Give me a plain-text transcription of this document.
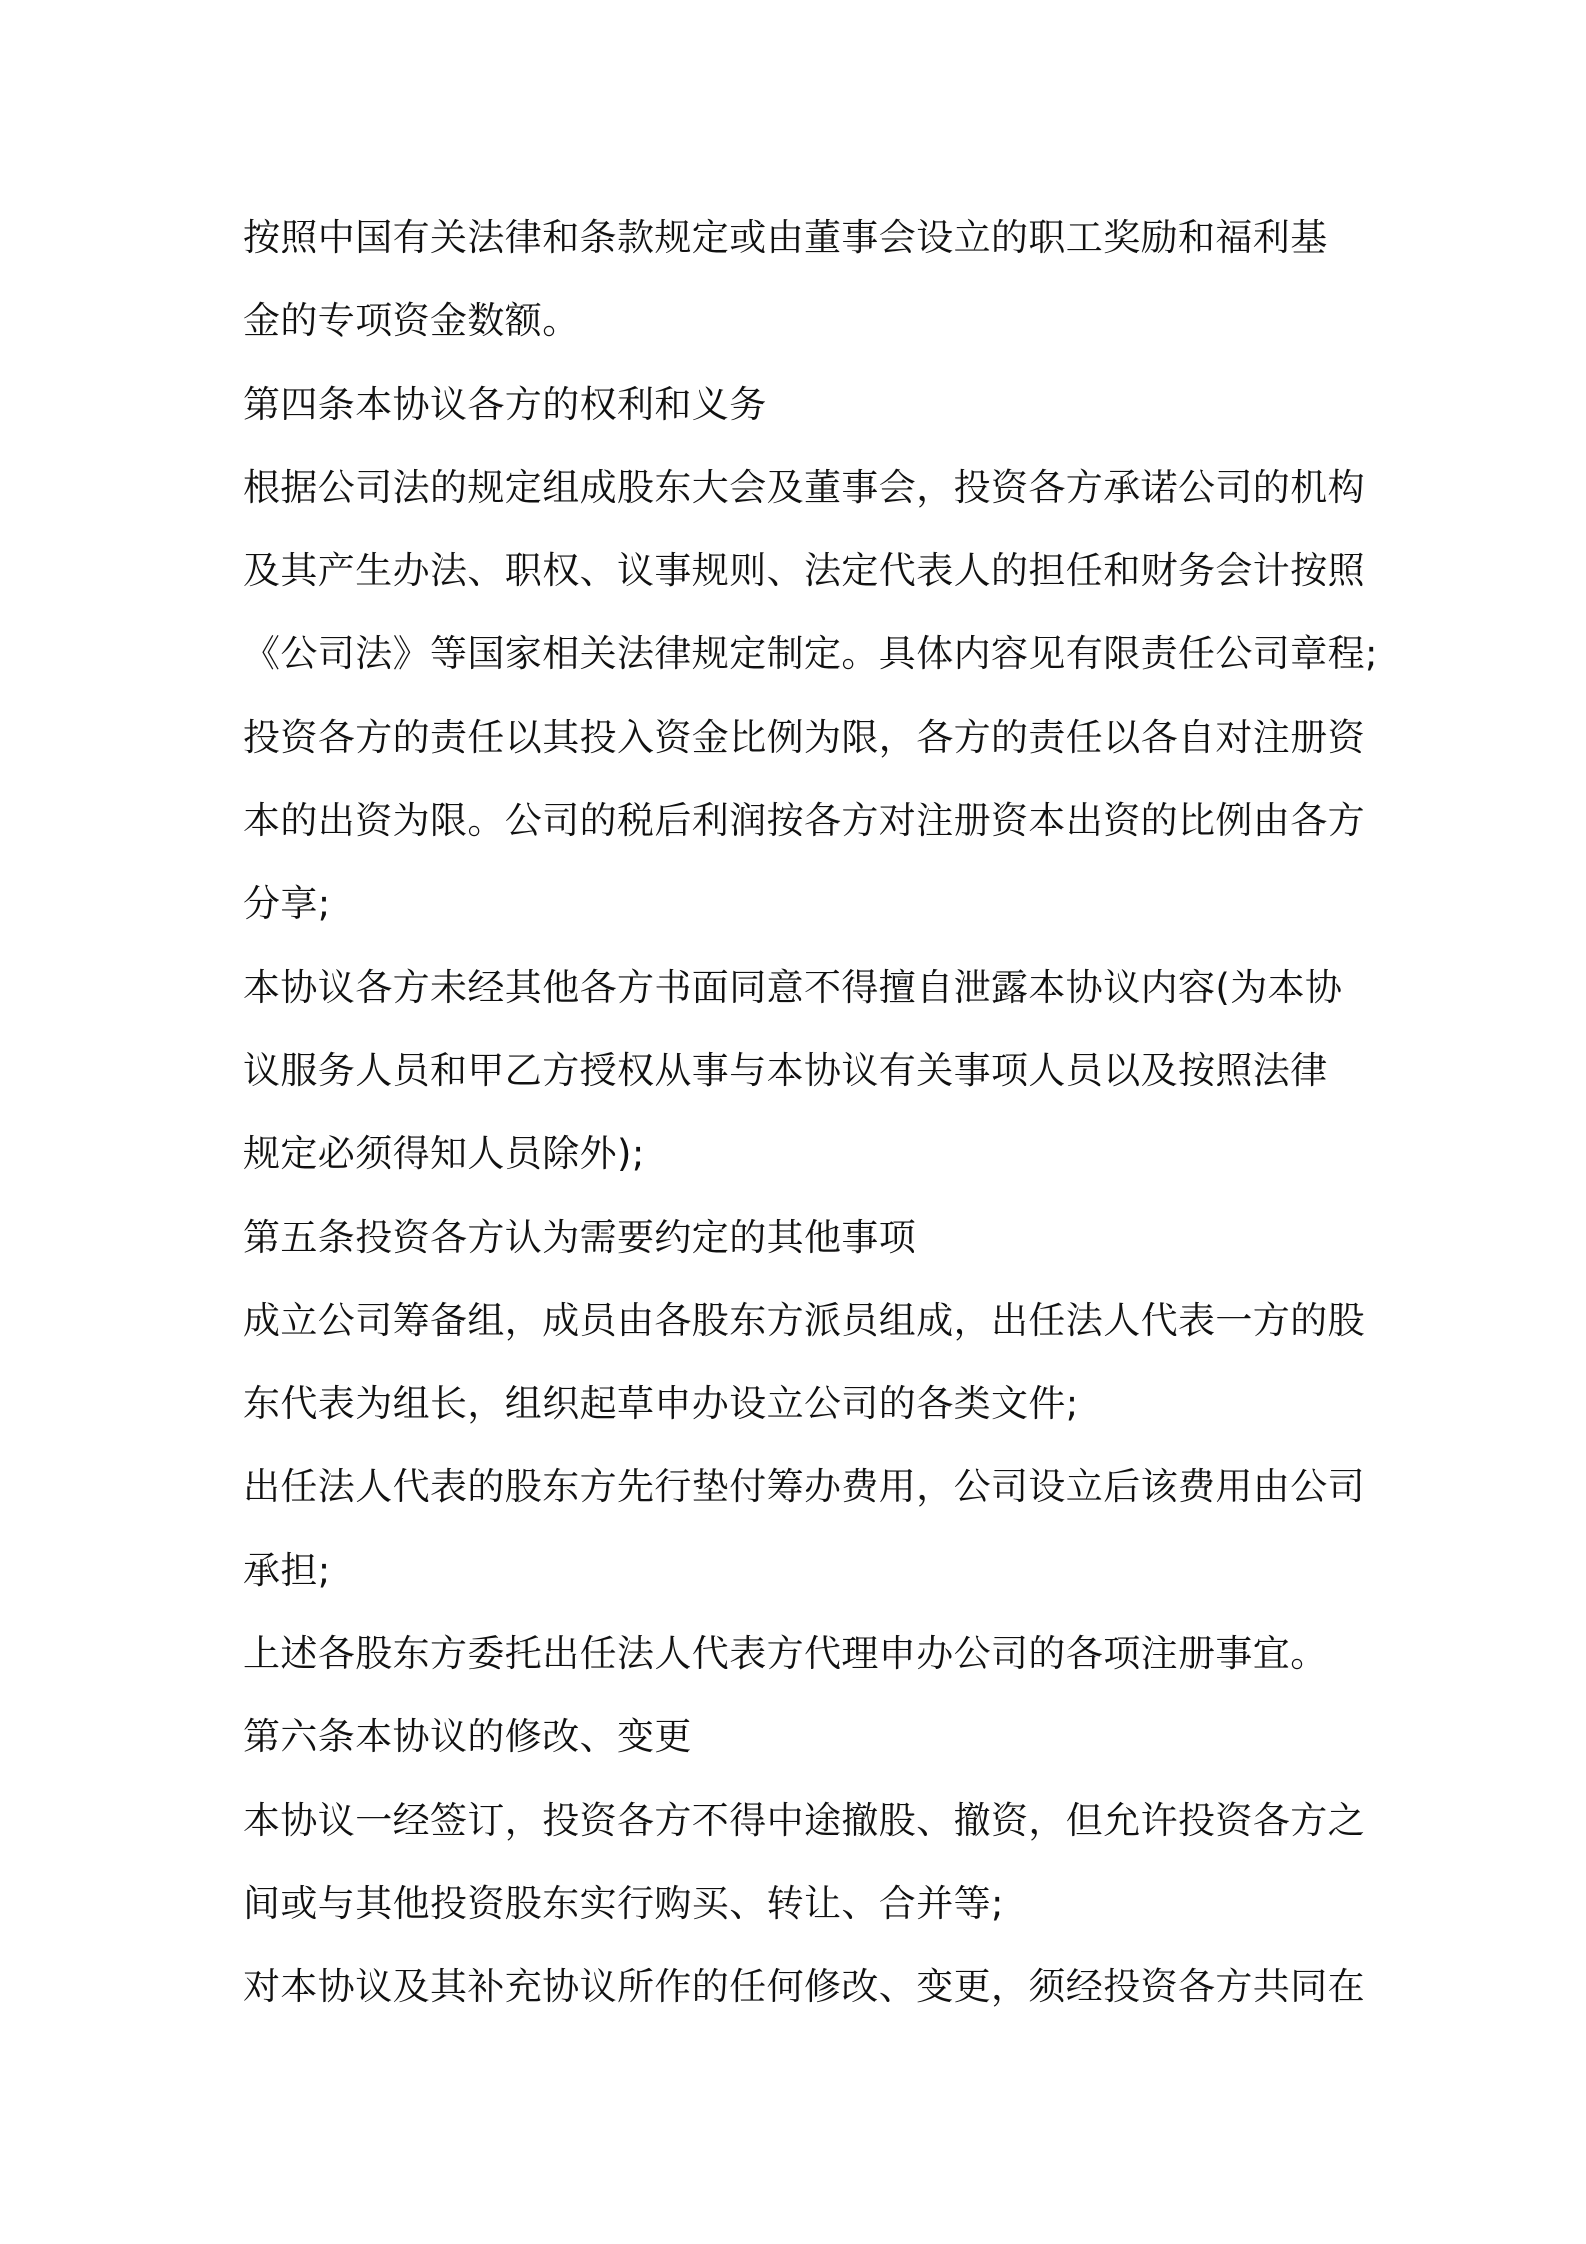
按照中国有关法律和条款规定或由董事会设立的职工奖励和福利基
金的专项资金数额。
第四条本协议各方的权利和义务
根据公司法的规定组成股东大会及董事会，投资各方承诺公司的机构
及其产生办法、职权、议事规则、法定代表人的担任和财务会计按照
《公司法》等国家相关法律规定制定。具体内容见有限责任公司章程;
投资各方的责任以其投入资金比例为限，各方的责任以各自对注册资
本的出资为限。公司的税后利润按各方对注册资本出资的比例由各方
分享;
本协议各方未经其他各方书面同意不得擅自泄露本协议内容(为本协
议服务人员和甲乙方授权从事与本协议有关事项人员以及按照法律
规定必须得知人员除外);
第五条投资各方认为需要约定的其他事项
成立公司筹备组，成员由各股东方派员组成，出任法人代表一方的股
东代表为组长，组织起草申办设立公司的各类文件;
出任法人代表的股东方先行垫付筹办费用，公司设立后该费用由公司
承担;
上述各股东方委托出任法人代表方代理申办公司的各项注册事宜。
第六条本协议的修改、变更
本协议一经签订，投资各方不得中途撤股、撤资，但允许投资各方之
间或与其他投资股东实行购买、转让、合并等;
对本协议及其补充协议所作的任何修改、变更，须经投资各方共同在
